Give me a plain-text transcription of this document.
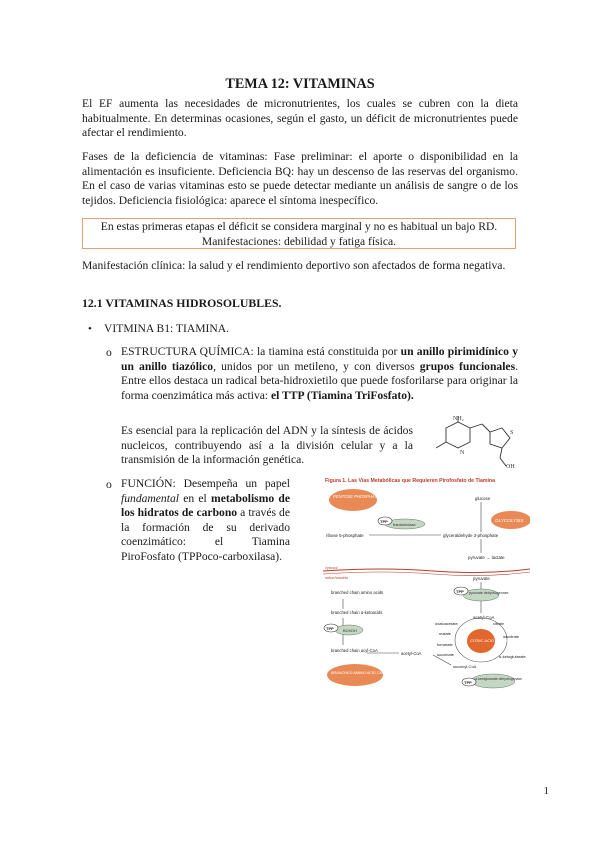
TEMA 12: VITAMINAS

El EF aumenta las necesidades de micronutrientes, los cuales se cubren con la dieta habitualmente. En determinas ocasiones, según el gasto, un déficit de micronutrientes puede afectar el rendimiento.

Fases de la deficiencia de vitaminas: Fase preliminar: el aporte o disponibilidad en la alimentación es insuficiente. Deficiencia BQ: hay un descenso de las reservas del organismo. En el caso de varias vitaminas esto se puede detectar mediante un análisis de sangre o de los tejidos. Deficiencia fisiológica: aparece el síntoma inespecífico.

En estas primeras etapas el déficit se considera marginal y no es habitual un bajo RD.
Manifestaciones: debilidad y fatiga física.

Manifestación clínica: la salud y el rendimiento deportivo son afectados de forma negativa.

12.1 VITAMINAS HIDROSOLUBLES.
• VITMINA B1: TIAMINA.
o ESTRUCTURA QUÍMICA: la tiamina está constituida por un anillo pirimidínico y un anillo tiazólico, unidos por un metileno, y con diversos grupos funcionales. Entre ellos destaca un radical beta-hidroxietilo que puede fosforilarse para originar la forma coenzimática más activa: el TTP (Tiamina TriFosfato).

Es esencial para la replicación del ADN y la síntesis de ácidos nucleicos, contribuyendo así a la división celular y a la transmisión de la información genética.

NH₂
OH
S
N
o FUNCIÓN: Desempeña un papel fundamental en el metabolismo de los hidratos de carbono a través de la formación de su derivado coenzimático: el Tiamina PiroFosfato (TPPoco-carboxilasa).

Figura 1. Las Vías Metabólicas que Requieren Pirofosfato de Tiamina
PENTOSE PHOSPHATE CYCLE
GLYCOLYSIS
glucose
transketolase
TPP
ribose 5-phosphate	glyceraldehyde 3-phosphate
pyruvate → lactate
cytosol
mitochondria	pyruvate
pyruvate dehydrogenase
TPP
acetyl-CoA
branched chain amino acids
branched chain α-ketoacids
BCKDH
TPP
branched chain acyl-CoA
acetyl-CoA
BRANCHED AMINO ACID CATABOLIC PATHWAY
CITRIC ACID CYCLE
oxaloacetate	citrate
malate
fumarate
isocitrate
succinate	α-ketoglutarate
succinyl-CoA
α-ketoglutarate dehydrogenase
TPP
1
